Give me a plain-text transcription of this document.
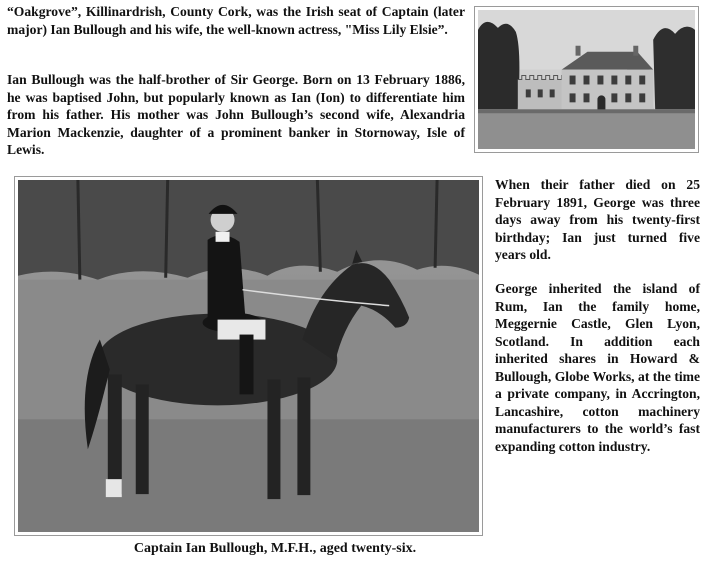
“Oakgrove”, Killinardrish, County Cork, was the Irish seat of Captain (later major) Ian Bullough and his wife, the well-known actress, "Miss Lily Elsie”.

Ian Bullough was the half-brother of Sir George. Born on 13 February 1886, he was baptised John, but popularly known as Ian (Ion) to differentiate him from his father. His mother was John Bullough’s second wife, Alexandria Marion Mackenzie, daughter of a prominent banker in Stornoway, Isle of Lewis.

When their father died on 25 February 1891, George was three days away from his twenty-first birthday; Ian just turned five years old.

George inherited the island of Rum, Ian the family home, Meggernie Castle, Glen Lyon, Scotland. In addition each inherited shares in Howard & Bullough, Globe Works, at the time a private company, in Accrington, Lancashire, cotton machinery manufacturers to the world’s fast expanding cotton industry.

Captain Ian Bullough, M.F.H., aged twenty-six.
